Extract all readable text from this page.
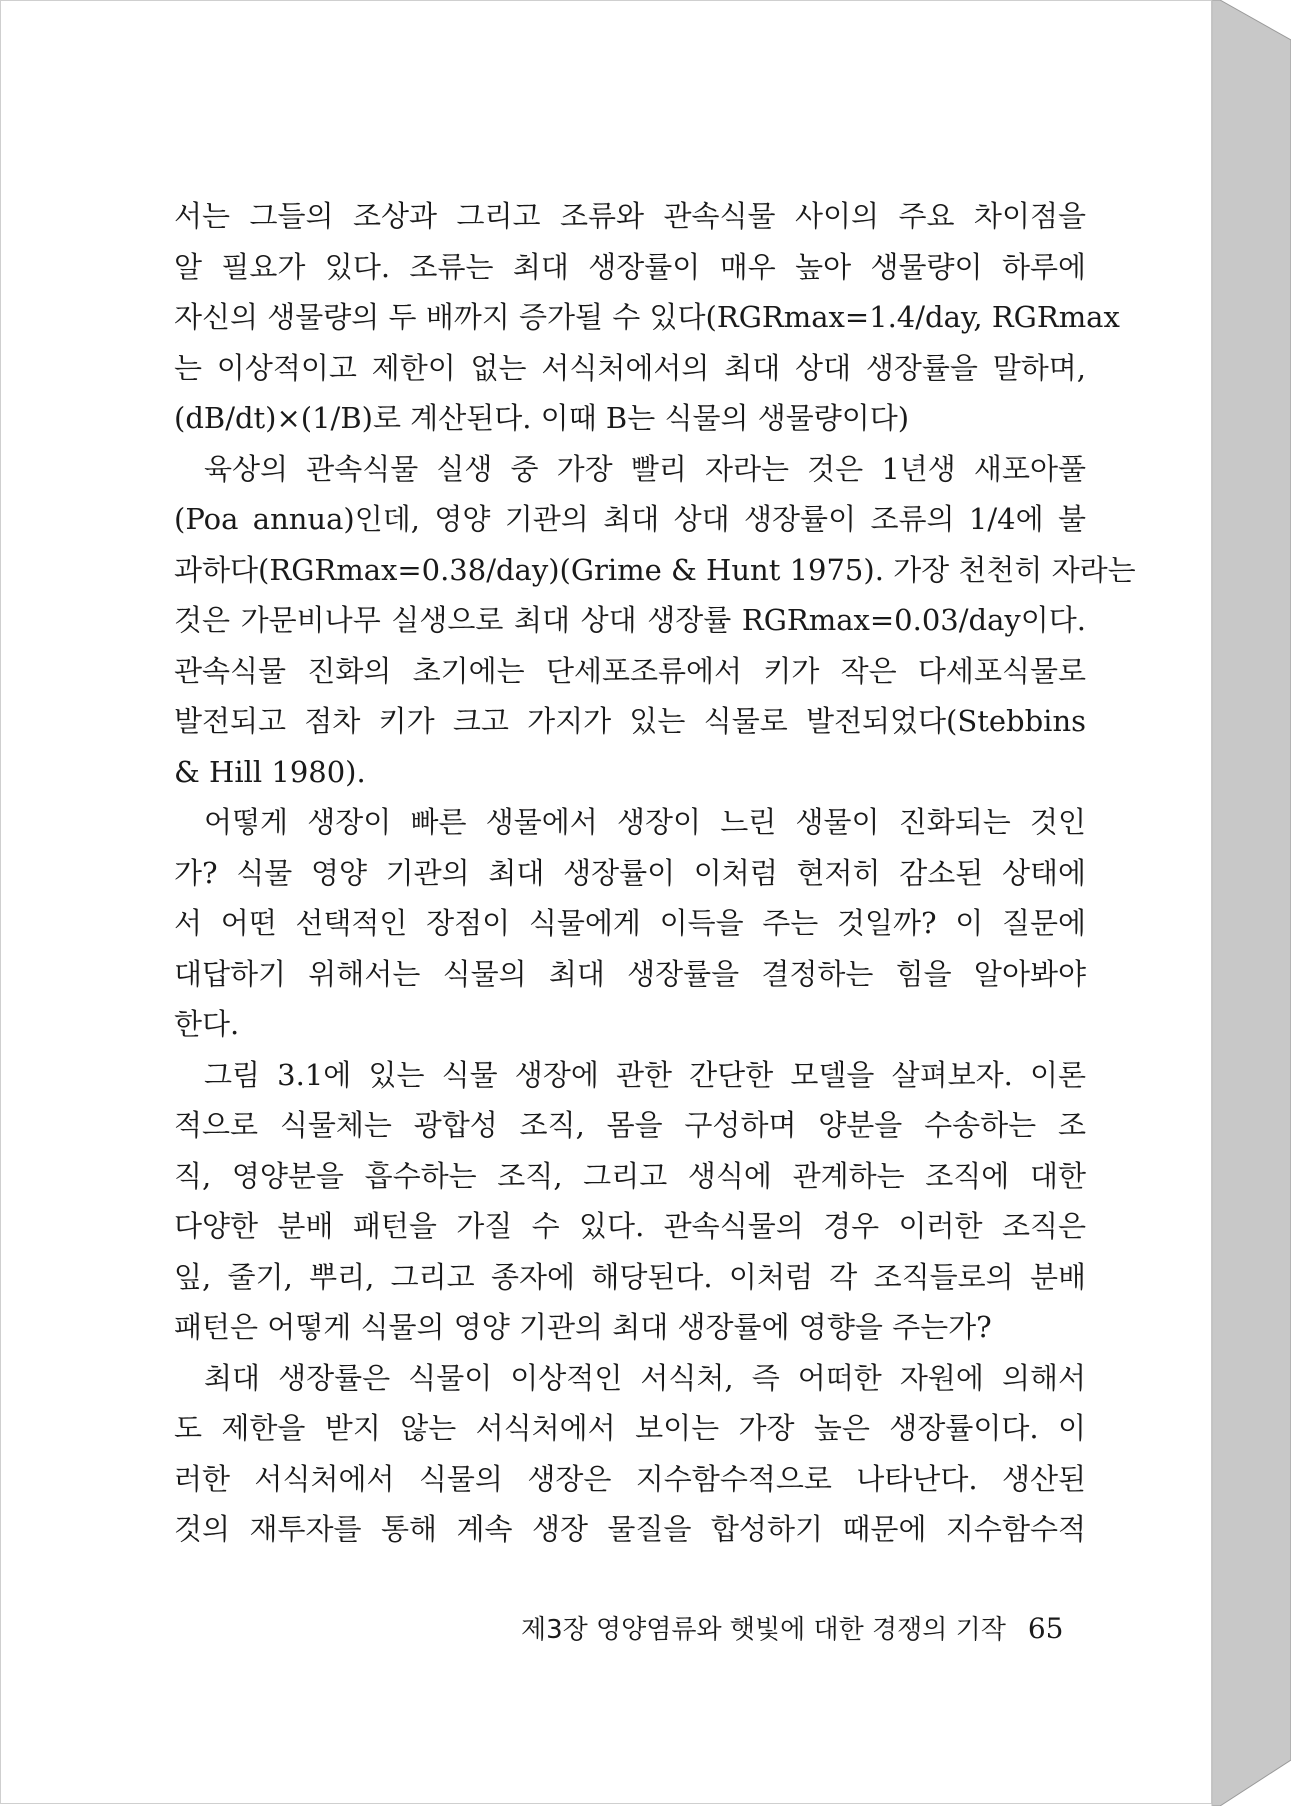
서는 그들의 조상과 그리고 조류와 관속식물 사이의 주요 차이점을
알 필요가 있다. 조류는 최대 생장률이 매우 높아 생물량이 하루에
자신의 생물량의 두 배까지 증가될 수 있다(RGRmax=1.4/day, RGRmax
는 이상적이고 제한이 없는 서식처에서의 최대 상대 생장률을 말하며,
(dB/dt)×(1/B)로 계산된다. 이때 B는 식물의 생물량이다)
육상의 관속식물 실생 중 가장 빨리 자라는 것은 1년생 새포아풀
(Poa annua)인데, 영양 기관의 최대 상대 생장률이 조류의 1/4에 불
과하다(RGRmax=0.38/day)(Grime & Hunt 1975). 가장 천천히 자라는
것은 가문비나무 실생으로 최대 상대 생장률 RGRmax=0.03/day이다.
관속식물 진화의 초기에는 단세포조류에서 키가 작은 다세포식물로
발전되고 점차 키가 크고 가지가 있는 식물로 발전되었다(Stebbins
& Hill 1980).
어떻게 생장이 빠른 생물에서 생장이 느린 생물이 진화되는 것인
가? 식물 영양 기관의 최대 생장률이 이처럼 현저히 감소된 상태에
서 어떤 선택적인 장점이 식물에게 이득을 주는 것일까? 이 질문에
대답하기 위해서는 식물의 최대 생장률을 결정하는 힘을 알아봐야
한다.
그림 3.1에 있는 식물 생장에 관한 간단한 모델을 살펴보자. 이론
적으로 식물체는 광합성 조직, 몸을 구성하며 양분을 수송하는 조
직, 영양분을 흡수하는 조직, 그리고 생식에 관계하는 조직에 대한
다양한 분배 패턴을 가질 수 있다. 관속식물의 경우 이러한 조직은
잎, 줄기, 뿌리, 그리고 종자에 해당된다. 이처럼 각 조직들로의 분배
패턴은 어떻게 식물의 영양 기관의 최대 생장률에 영향을 주는가?
최대 생장률은 식물이 이상적인 서식처, 즉 어떠한 자원에 의해서
도 제한을 받지 않는 서식처에서 보이는 가장 높은 생장률이다. 이
러한 서식처에서 식물의 생장은 지수함수적으로 나타난다. 생산된
것의 재투자를 통해 계속 생장 물질을 합성하기 때문에 지수함수적
제3장 영양염류와 햇빛에 대한 경쟁의 기작 65
